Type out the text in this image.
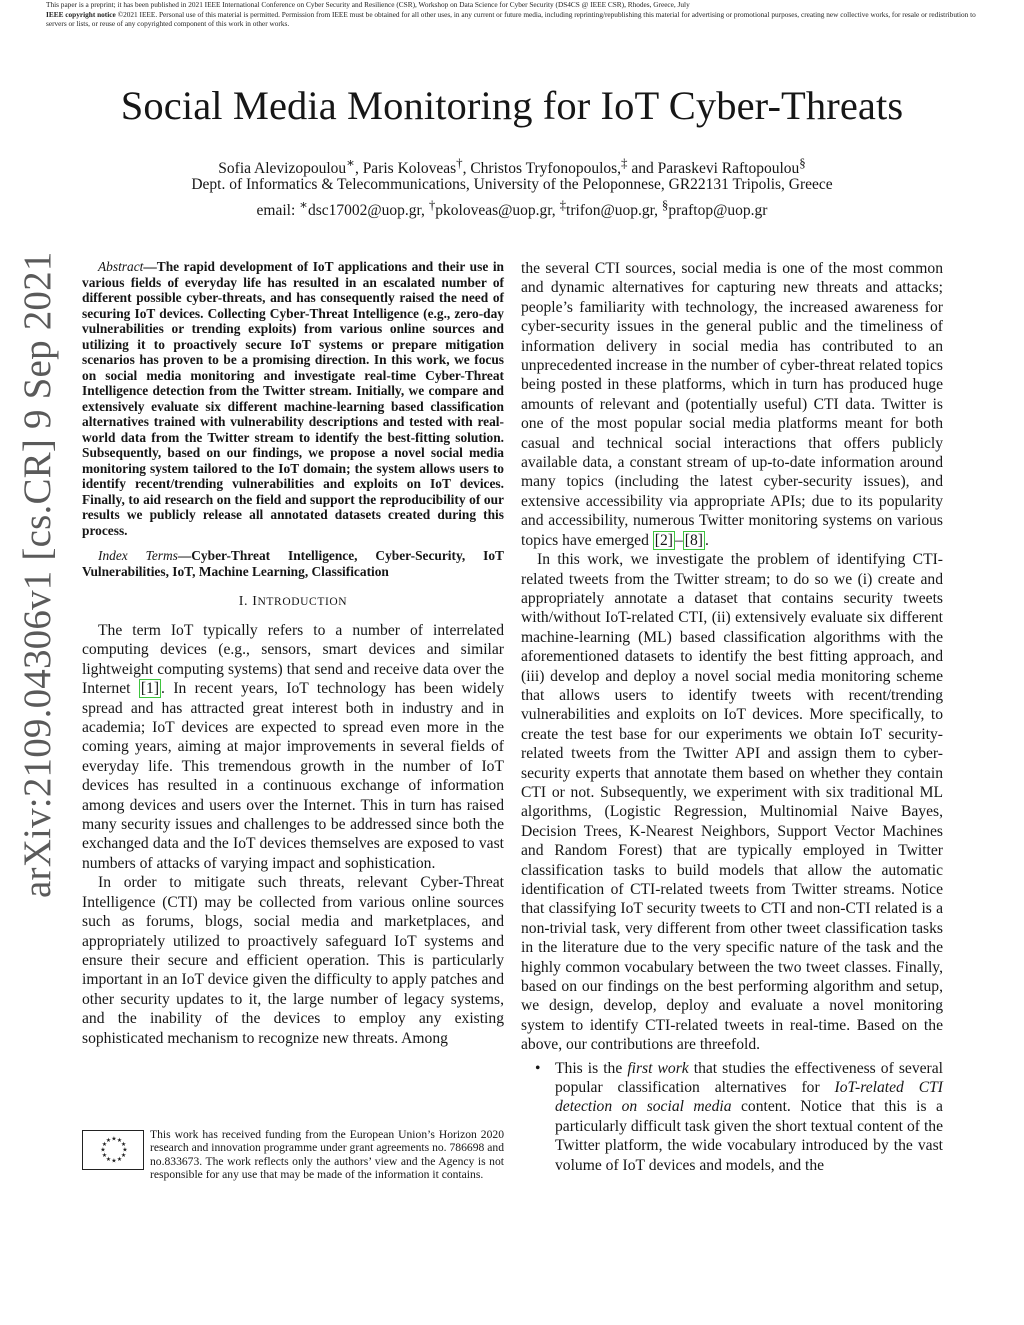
This paper is a preprint; it has been published in 2021 IEEE International Conference on Cyber Security and Resilience (CSR), Workshop on Data Science for Cyber Security (DS4CS @ IEEE CSR), Rhodes, Greece, July
IEEE copyright notice ©2021 IEEE. Personal use of this material is permitted. Permission from IEEE must be obtained for all other uses, in any current or future media, including reprinting/republishing this material for advertising or promotional purposes, creating new collective works, for resale or redistribution to servers or lists, or reuse of any copyrighted component of this work in other works.
arXiv:2109.04306v1 [cs.CR] 9 Sep 2021
Social Media Monitoring for IoT Cyber-Threats
Sofia Alevizopoulou∗, Paris Koloveas†, Christos Tryfonopoulos,‡ and Paraskevi Raftopoulou§
Dept. of Informatics & Telecommunications, University of the Peloponnese, GR22131 Tripolis, Greece
email: ∗dsc17002@uop.gr, †pkoloveas@uop.gr, ‡trifon@uop.gr, §praftop@uop.gr

Abstract—The rapid development of IoT applications and their use in various fields of everyday life has resulted in an escalated number of different possible cyber-threats, and has consequently raised the need of securing IoT devices. Collecting Cyber-Threat Intelligence (e.g., zero-day vulnerabilities or trending exploits) from various online sources and utilizing it to proactively secure IoT systems or prepare mitigation scenarios has proven to be a promising direction. In this work, we focus on social media monitoring and investigate real-time Cyber-Threat Intelligence detection from the Twitter stream. Initially, we compare and extensively evaluate six different machine-learning based classification alternatives trained with vulnerability descriptions and tested with real-world data from the Twitter stream to identify the best-fitting solution. Subsequently, based on our findings, we propose a novel social media monitoring system tailored to the IoT domain; the system allows users to identify recent/trending vulnerabilities and exploits on IoT devices. Finally, to aid research on the field and support the reproducibility of our results we publicly release all annotated datasets created during this process.

Index Terms—Cyber-Threat Intelligence, Cyber-Security, IoT Vulnerabilities, IoT, Machine Learning, Classification

I. INTRODUCTION

The term IoT typically refers to a number of interrelated computing devices (e.g., sensors, smart devices and similar lightweight computing systems) that send and receive data over the Internet [1] . In recent years, IoT technology has been widely spread and has attracted great interest both in industry and in academia; IoT devices are expected to spread even more in the coming years, aiming at major improvements in several fields of everyday life. This tremendous growth in the number of IoT devices has resulted in a continuous exchange of information among devices and users over the Internet. This in turn has raised many security issues and challenges to be addressed since both the exchanged data and the IoT devices themselves are exposed to vast numbers of attacks of varying impact and sophistication.

In order to mitigate such threats, relevant Cyber-Threat Intelligence (CTI) may be collected from various online sources such as forums, blogs, social media and marketplaces, and appropriately utilized to proactively safeguard IoT systems and ensure their secure and efficient operation. This is particularly important in an IoT device given the difficulty to apply patches and other security updates to it, the large number of legacy systems, and the inability of the devices to employ any existing sophisticated mechanism to recognize new threats. Among

the several CTI sources, social media is one of the most common and dynamic alternatives for capturing new threats and attacks; people’s familiarity with technology, the increased awareness for cyber-security issues in the general public and the timeliness of information delivery in social media has contributed to an unprecedented increase in the number of cyber-threat related topics being posted in these platforms, which in turn has produced huge amounts of relevant and (potentially useful) CTI data. Twitter is one of the most popular social media platforms meant for both casual and technical social interactions that offers publicly available data, a constant stream of up-to-date information around many topics (including the latest cyber-security issues), and extensive accessibility via appropriate APIs; due to its popularity and accessibility, numerous Twitter monitoring systems on various topics have emerged [2] – [8] .

In this work, we investigate the problem of identifying CTI-related tweets from the Twitter stream; to do so we (i) create and appropriately annotate a dataset that contains security tweets with/without IoT-related CTI, (ii) extensively evaluate six different machine-learning (ML) based classification algorithms with the aforementioned datasets to identify the best fitting approach, and (iii) develop and deploy a novel social media monitoring scheme that allows users to identify tweets with recent/trending vulnerabilities and exploits on IoT devices. More specifically, to create the test base for our experiments we obtain IoT security-related tweets from the Twitter API and assign them to cyber-security experts that annotate them based on whether they contain CTI or not. Subsequently, we experiment with six traditional ML algorithms, (Logistic Regression, Multinomial Naive Bayes, Decision Trees, K-Nearest Neighbors, Support Vector Machines and Random Forest) that are typically employed in Twitter classification tasks to build models that allow the automatic identification of CTI-related tweets from Twitter streams. Notice that classifying IoT security tweets to CTI and non-CTI related is a non-trivial task, very different from other tweet classification tasks in the literature due to the very specific nature of the task and the highly common vocabulary between the two tweet classes. Finally, based on our findings on the best performing algorithm and setup, we design, develop, deploy and evaluate a novel monitoring system to identify CTI-related tweets in real-time. Based on the above, our contributions are threefold.

• This is the first work that studies the effectiveness of several popular classification alternatives for IoT-related CTI detection on social media content. Notice that this is a particularly difficult task given the short textual content of the Twitter platform, the wide vocabulary introduced by the vast volume of IoT devices and models, and the

★
★
★
★
★
★
★
★
★ ★ ★
★
This work has received funding from the European Union’s Horizon 2020 research and innovation programme under grant agreements no. 786698 and no.833673. The work reflects only the authors’ view and the Agency is not responsible for any use that may be made of the information it contains.
